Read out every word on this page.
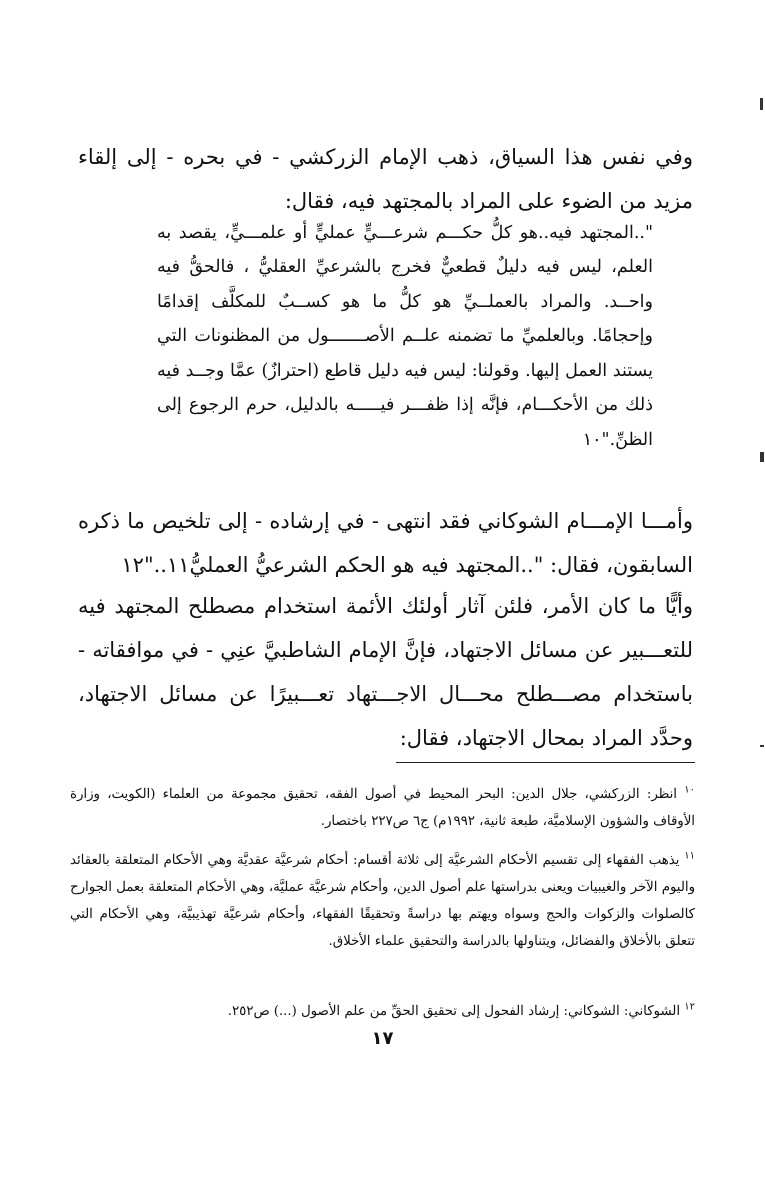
وفي نفس هذا السياق، ذهب الإمام الزركشي - في بحره - إلى إلقاء مزيد من الضوء على المراد بالمجتهد فيه، فقال:

"..المجتهد فيه..هو كلُّ حكـــم شرعـــيٍّ عمليٍّ أو علمـــيٍّ، يقصد به العلم، ليس فيه دليلٌ قطعيٌّ فخرج بالشرعيِّ العقليُّ ، فالحقُّ فيه واحــد. والمراد بالعملــيِّ هو كلُّ ما هو كســبٌ للمكلَّف إقدامًا وإحجامًا. وبالعلميِّ ما تضمنه علــم الأصـــــــول من المظنونات التي يستند العمل إليها. وقولنا: ليس فيه دليل قاطع (احترازٌ) عمَّا وجــد فيه ذلك من الأحكـــام، فإنَّه إذا ظفـــر فيـــــه بالدليل، حرم الرجوع إلى الظنِّ."١٠

وأمـــا الإمـــام الشوكاني فقد انتهى - في إرشاده - إلى تلخيص ما ذكره السابقون، فقال: "..المجتهد فيه هو الحكم الشرعيُّ العمليُّ١١.."١٢

وأيًّا ما كان الأمر، فلئن آثار أولئك الأئمة استخدام مصطلح المجتهد فيه للتعـــبير عن مسائل الاجتهاد، فإنَّ الإمام الشاطبيَّ عنِي - في موافقاته - باستخدام مصـــطلح محـــال الاجـــتهاد تعـــبيرًا عن مسائل الاجتهاد، وحدَّد المراد بمحال الاجتهاد، فقال:

$^{١٠}$ انظر: الزركشي، جلال الدين: البحر المحيط في أصول الفقه، تحقيق مجموعة من العلماء (الكويت، وزارة الأوقاف والشؤون الإسلاميَّة، طبعة ثانية، ١٩٩٢م) ج٦ ص٢٢٧ باختصار.

$^{١١}$ يذهب الفقهاء إلى تقسيم الأحكام الشرعيَّة إلى ثلاثة أقسام: أحكام شرعيَّة عقديَّة وهي الأحكام المتعلقة بالعقائد واليوم الآخر والغيبيات ويعنى بدراستها علم أصول الدين، وأحكام شرعيَّة عمليَّة، وهي الأحكام المتعلقة بعمل الجوارح كالصلوات والزكوات والحج وسواه ويهتم بها دراسةً وتحقيقًا الفقهاء، وأحكام شرعيَّة تهذيبيَّة، وهي الأحكام التي تتعلق بالأخلاق والفضائل، ويتناولها بالدراسة والتحقيق علماء الأخلاق.

$^{١٢}$ الشوكاني: الشوكاني: إرشاد الفحول إلى تحقيق الحقِّ من علم الأصول (...) ص٢٥٢.

١٧
